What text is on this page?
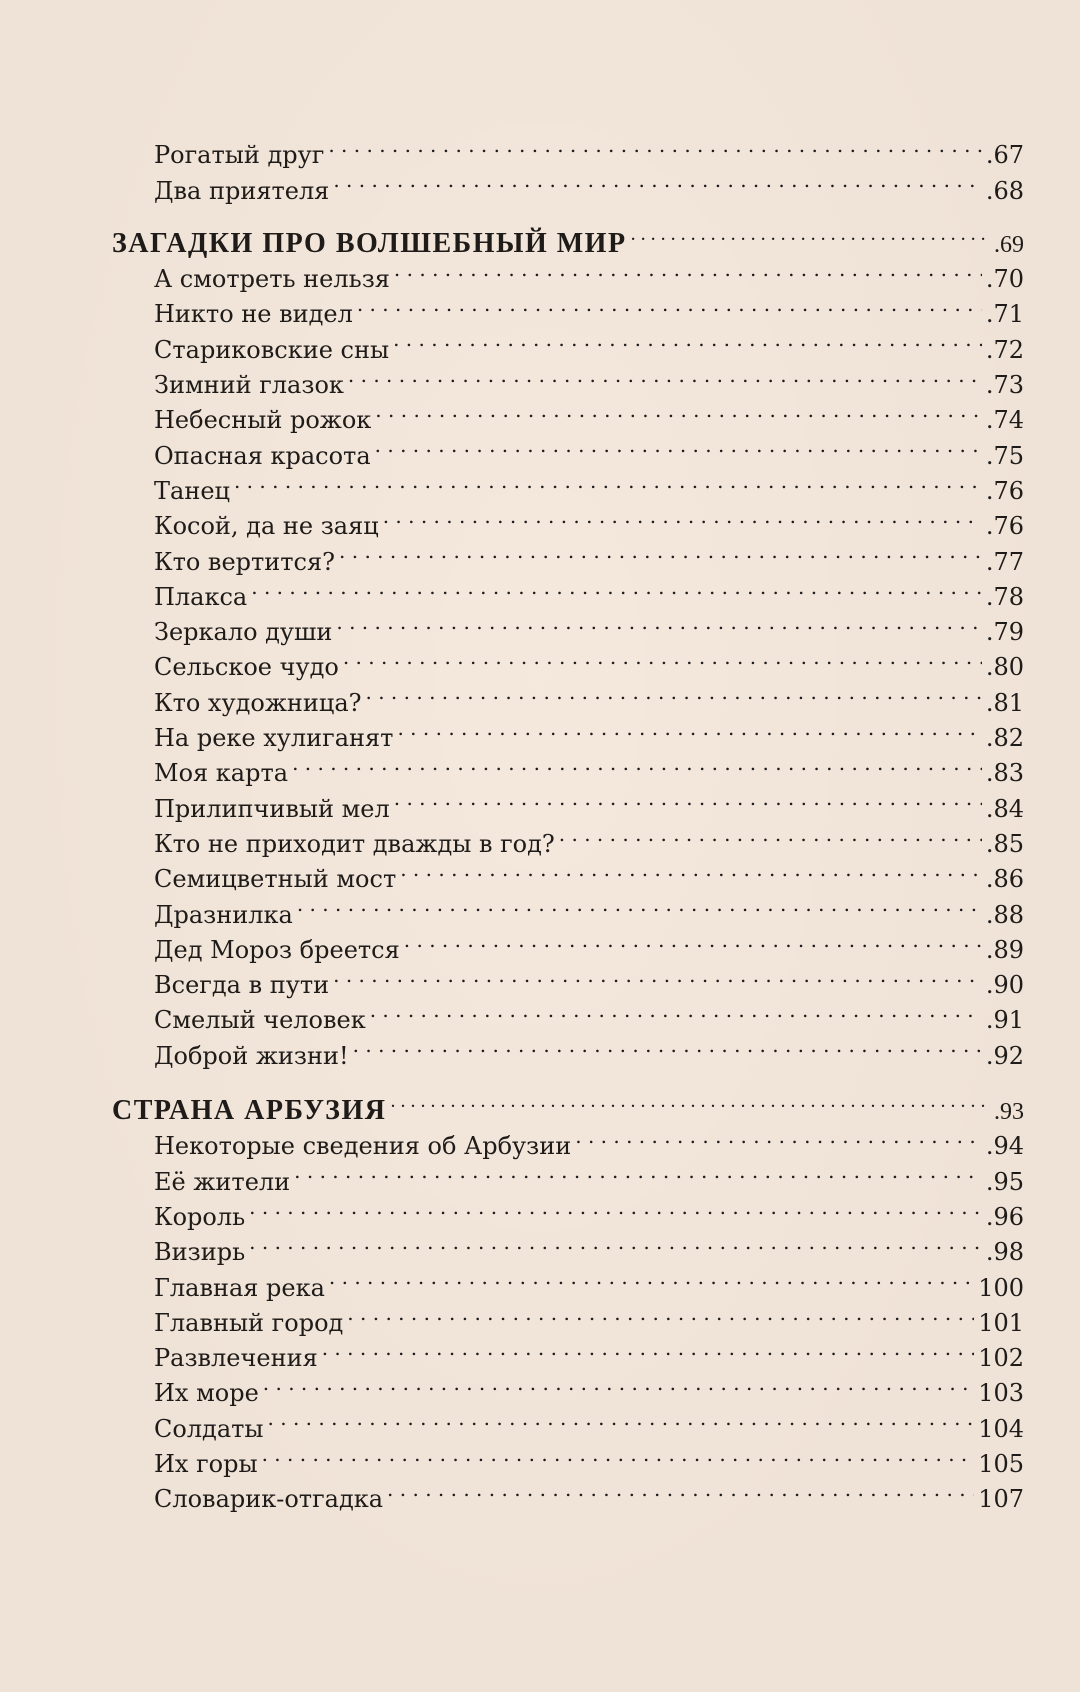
Рогатый друг . . .	.67
Два приятеля . . .	.68
ЗАГАДКИ ПРО ВОЛШЕБНЫЙ МИР . . .	.69
А смотреть нельзя . . .	.70
Никто не видел . . .	.71
Стариковские сны . . .	.72
Зимний глазок . . .	.73
Небесный рожок . . .	.74
Опасная красота . . .	.75
Танец . . .	.76
Косой, да не заяц . . .	.76
Кто вертится? . . .	.77
Плакса . . .	.78
Зеркало души . . .	.79
Сельское чудо . . .	.80
Кто художница? . . .	.81
На реке хулиганят . . .	.82
Моя карта . . .	.83
Прилипчивый мел . . .	.84
Кто не приходит дважды в год? . . .	.85
Семицветный мост . . .	.86
Дразнилка . . .	.88
Дед Мороз бреется . . .	.89
Всегда в пути . . .	.90
Смелый человек . . .	.91
Доброй жизни! . . .	.92
СТРАНА АРБУЗИЯ . . .	.93
Некоторые сведения об Арбузии . . .	.94
Её жители . . .	.95
Король . . .	.96
Визирь . . .	.98
Главная река . . .	100
Главный город . . .	101
Развлечения . . .	102
Их море . . .	103
Солдаты . . .	104
Их горы . . .	105
Словарик-отгадка . . .	107
